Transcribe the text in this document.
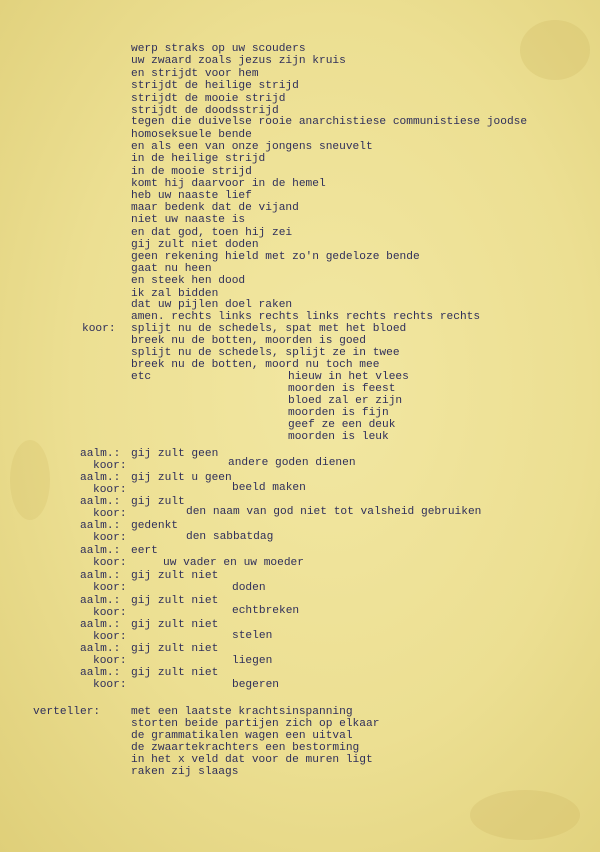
werp straks op uw scouders
uw zwaard zoals jezus zijn kruis
en strijdt voor hem
strijdt de heilige strijd
strijdt de mooie strijd
strijdt de doodsstrijd
tegen die duivelse rooie anarchistiese communistiese joodse
homoseksuele bende
en als een van onze jongens sneuvelt
in de heilige strijd
in de mooie strijd
komt hij daarvoor in de hemel
heb uw naaste lief
maar bedenk dat de vijand
niet uw naaste is
en dat god, toen hij zei
gij zult niet doden
geen rekening hield met zo'n gedeloze bende
gaat nu heen
en steek hen dood
ik zal bidden
dat uw pijlen doel raken
amen. rechts links rechts links rechts rechts rechts
koor: splijt nu de schedels, spat met het bloed
breek nu de botten, moorden is goed
splijt nu de schedels, splijt ze in twee
breek nu de botten, moord nu toch mee
etc	hieuw in het vlees
moorden is feest
bloed zal er zijn
moorden is fijn
geef ze een deuk
moorden is leuk
aalm.: gij zult geen
koor:	andere goden dienen
aalm.: gij zult u geen
koor:	beeld maken
aalm.: gij zult
koor:	den naam van god niet tot valsheid gebruiken
aalm.: gedenkt
koor:	den sabbatdag
aalm.: eert
koor:	uw vader en uw moeder
aalm.: gij zult niet
koor:	doden
aalm.: gij zult niet
koor:	echtbreken
aalm.: gij zult niet
koor:	stelen
aalm.: gij zult niet
koor:	liegen
aalm.: gij zult niet
koor:	begeren
verteller:	met een laatste krachtsinspanning
storten beide partijen zich op elkaar
de grammatikalen wagen een uitval
de zwaartekrachters een bestorming
in het x veld dat voor de muren ligt
raken zij slaags
